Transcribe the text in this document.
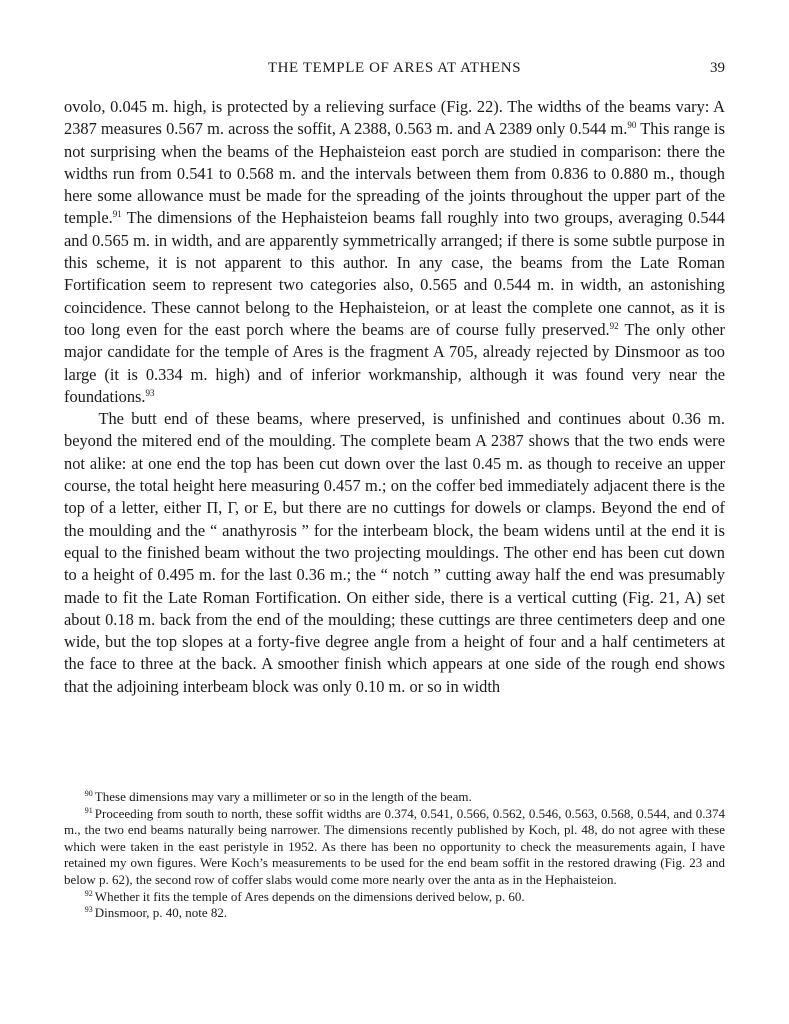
THE TEMPLE OF ARES AT ATHENS	39

ovolo, 0.045 m. high, is protected by a relieving surface (Fig. 22). The widths of the beams vary: A 2387 measures 0.567 m. across the soffit, A 2388, 0.563 m. and A 2389 only 0.544 m.$^{90}$ This range is not surprising when the beams of the Hephaisteion east porch are studied in comparison: there the widths run from 0.541 to 0.568 m. and the intervals between them from 0.836 to 0.880 m., though here some allowance must be made for the spreading of the joints throughout the upper part of the temple.$^{91}$ The dimensions of the Hephaisteion beams fall roughly into two groups, averaging 0.544 and 0.565 m. in width, and are apparently symmetrically arranged; if there is some subtle purpose in this scheme, it is not apparent to this author. In any case, the beams from the Late Roman Fortification seem to represent two categories also, 0.565 and 0.544 m. in width, an astonishing coincidence. These cannot belong to the Hephaisteion, or at least the complete one cannot, as it is too long even for the east porch where the beams are of course fully preserved.$^{92}$ The only other major candidate for the temple of Ares is the fragment A 705, already rejected by Dinsmoor as too large (it is 0.334 m. high) and of inferior workmanship, although it was found very near the foundations.$^{93}$

The butt end of these beams, where preserved, is unfinished and continues about 0.36 m. beyond the mitered end of the moulding. The complete beam A 2387 shows that the two ends were not alike: at one end the top has been cut down over the last 0.45 m. as though to receive an upper course, the total height here measuring 0.457 m.; on the coffer bed immediately adjacent there is the top of a letter, either Π, Γ, or Ε, but there are no cuttings for dowels or clamps. Beyond the end of the moulding and the “ anathyrosis ” for the interbeam block, the beam widens until at the end it is equal to the finished beam without the two projecting mouldings. The other end has been cut down to a height of 0.495 m. for the last 0.36 m.; the “ notch ” cutting away half the end was presumably made to fit the Late Roman Fortification. On either side, there is a vertical cutting (Fig. 21, A) set about 0.18 m. back from the end of the moulding; these cuttings are three centimeters deep and one wide, but the top slopes at a forty-five degree angle from a height of four and a half centimeters at the face to three at the back. A smoother finish which appears at one side of the rough end shows that the adjoining interbeam block was only 0.10 m. or so in width

$^{90}$ These dimensions may vary a millimeter or so in the length of the beam.

$^{91}$ Proceeding from south to north, these soffit widths are 0.374, 0.541, 0.566, 0.562, 0.546, 0.563, 0.568, 0.544, and 0.374 m., the two end beams naturally being narrower. The dimensions recently published by Koch, pl. 48, do not agree with these which were taken in the east peristyle in 1952. As there has been no opportunity to check the measurements again, I have retained my own figures. Were Koch’s measurements to be used for the end beam soffit in the restored drawing (Fig. 23 and below p. 62), the second row of coffer slabs would come more nearly over the anta as in the Hephaisteion.

$^{92}$ Whether it fits the temple of Ares depends on the dimensions derived below, p. 60.

$^{93}$ Dinsmoor, p. 40, note 82.
